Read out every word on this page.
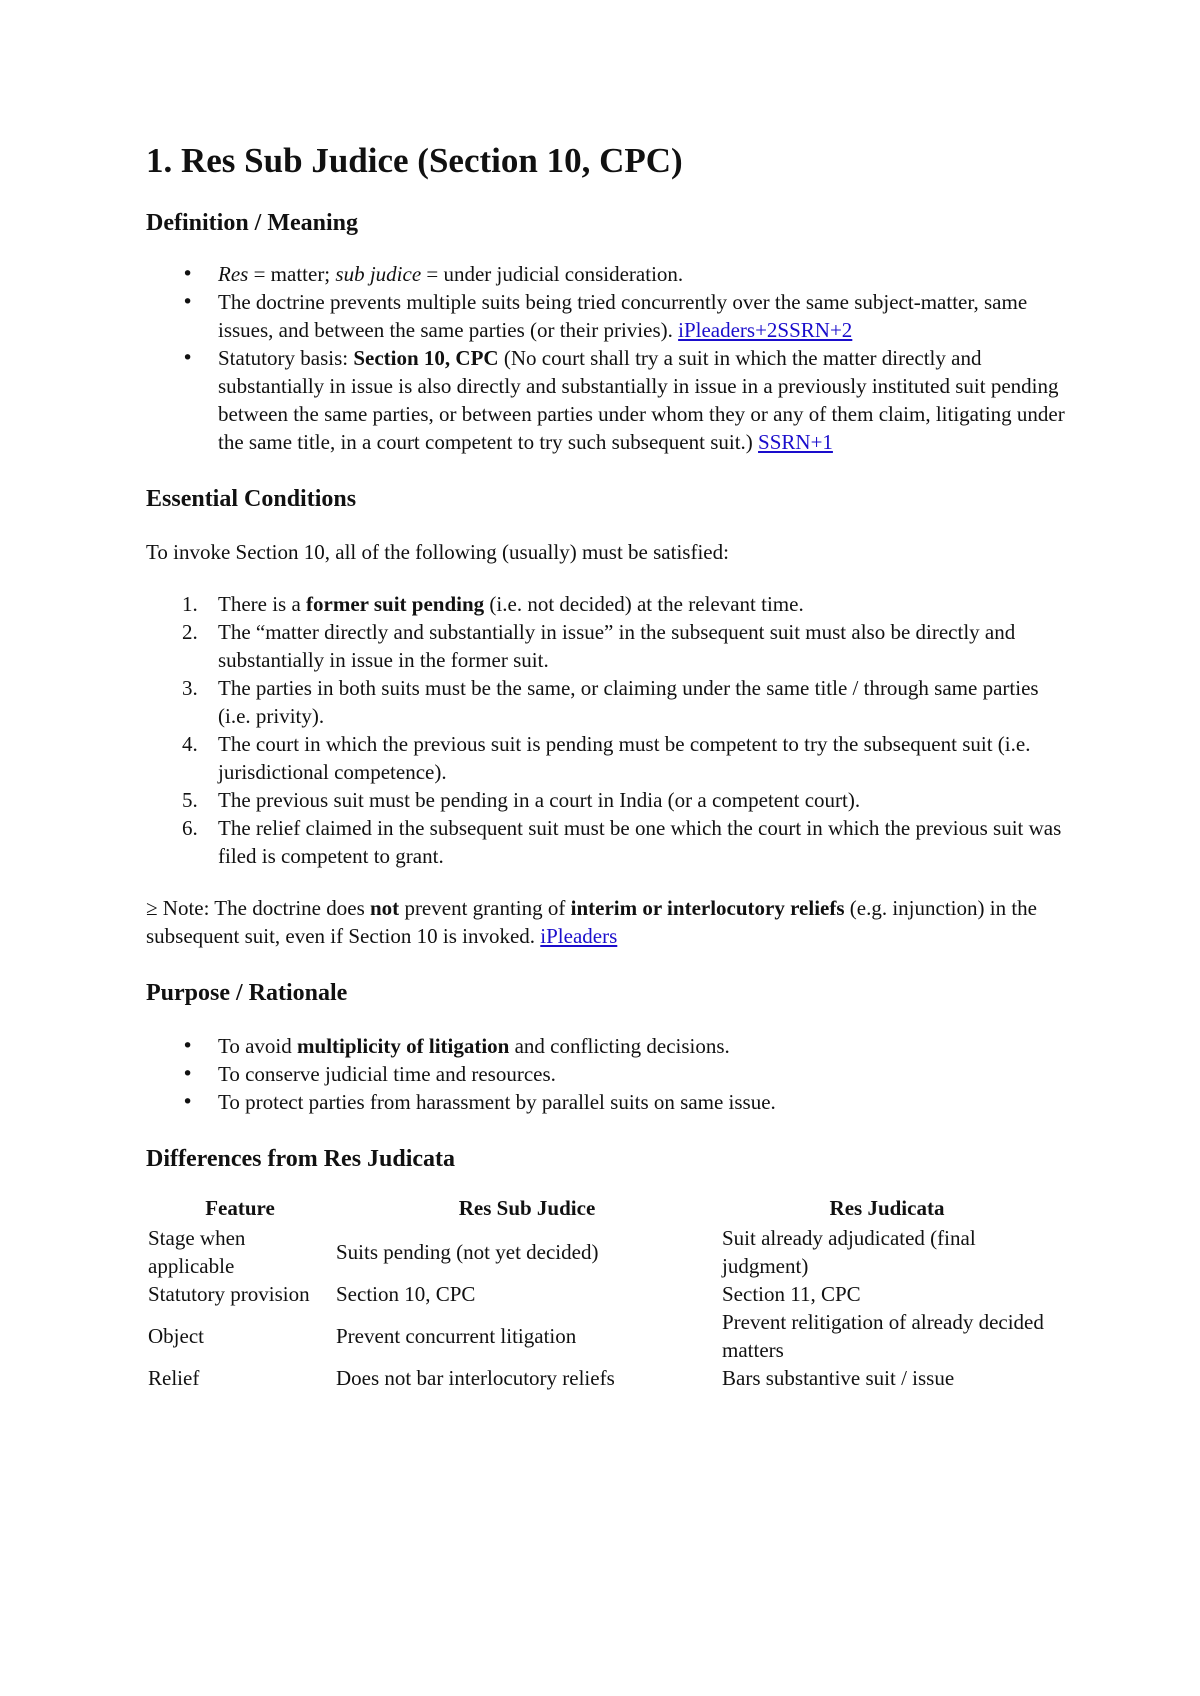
1. Res Sub Judice (Section 10, CPC)
Definition / Meaning
• Res = matter; sub judice = under judicial consideration.
• The doctrine prevents multiple suits being tried concurrently over the same subject-matter, same issues, and between the same parties (or their privies). iPleaders+2SSRN+2
• Statutory basis: Section 10, CPC (No court shall try a suit in which the matter directly and substantially in issue is also directly and substantially in issue in a previously instituted suit pending between the same parties, or between parties under whom they or any of them claim, litigating under the same title, in a court competent to try such subsequent suit.) SSRN+1
Essential Conditions

To invoke Section 10, all of the following (usually) must be satisfied:

1. There is a former suit pending (i.e. not decided) at the relevant time.
2. The “matter directly and substantially in issue” in the subsequent suit must also be directly and substantially in issue in the former suit.
3. The parties in both suits must be the same, or claiming under the same title / through same parties (i.e. privity).
4. The court in which the previous suit is pending must be competent to try the subsequent suit (i.e. jurisdictional competence).
5. The previous suit must be pending in a court in India (or a competent court).
6. The relief claimed in the subsequent suit must be one which the court in which the previous suit was filed is competent to grant.

≥ Note: The doctrine does not prevent granting of interim or interlocutory reliefs (e.g. injunction) in the subsequent suit, even if Section 10 is invoked. iPleaders

Purpose / Rationale
• To avoid multiplicity of litigation and conflicting decisions.
• To conserve judicial time and resources.
• To protect parties from harassment by parallel suits on same issue.
Differences from Res Judicata
Feature	Res Sub Judice	Res Judicata
Stage when applicable	Suits pending (not yet decided)	Suit already adjudicated (final judgment)
Statutory provision	Section 10, CPC	Section 11, CPC
Object	Prevent concurrent litigation	Prevent relitigation of already decided matters
Relief	Does not bar interlocutory reliefs	Bars substantive suit / issue
